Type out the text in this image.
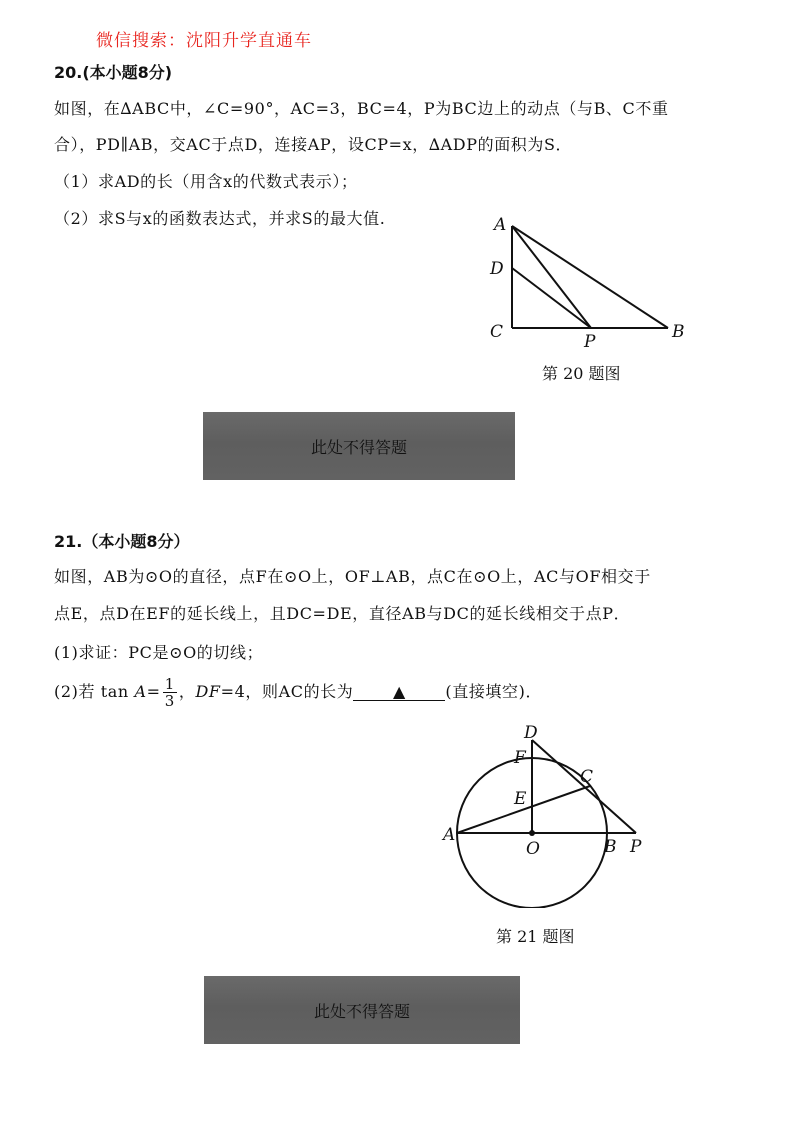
微信搜索：沈阳升学直通车
20.(本小题8分)
如图，在∆ABC中，∠C=90°，AC=3，BC=4，P为BC边上的动点（与B、C不重
合），PD∥AB，交AC于点D，连接AP，设CP=x，∆ADP的面积为S．
（1）求AD的长（用含x的代数式表示）；
（2）求S与x的函数表达式，并求S的最大值.	A
D
C	P	B
第 20 题图
此处不得答题
21.（本小题8分）
如图，AB为⊙O的直径，点F在⊙O上，OF⊥AB，点C在⊙O上，AC与OF相交于
点E，点D在EF的延长线上，且DC=DE，直径AB与DC的延长线相交于点P．
(1)求证：PC是⊙O的切线；
(2)若 $\tan A= \frac{1}{3}$ ，DF=4，则AC的长为 ▲ (直接填空)．
D
F
C
E
A
O	B P
第 21 题图
此处不得答题
